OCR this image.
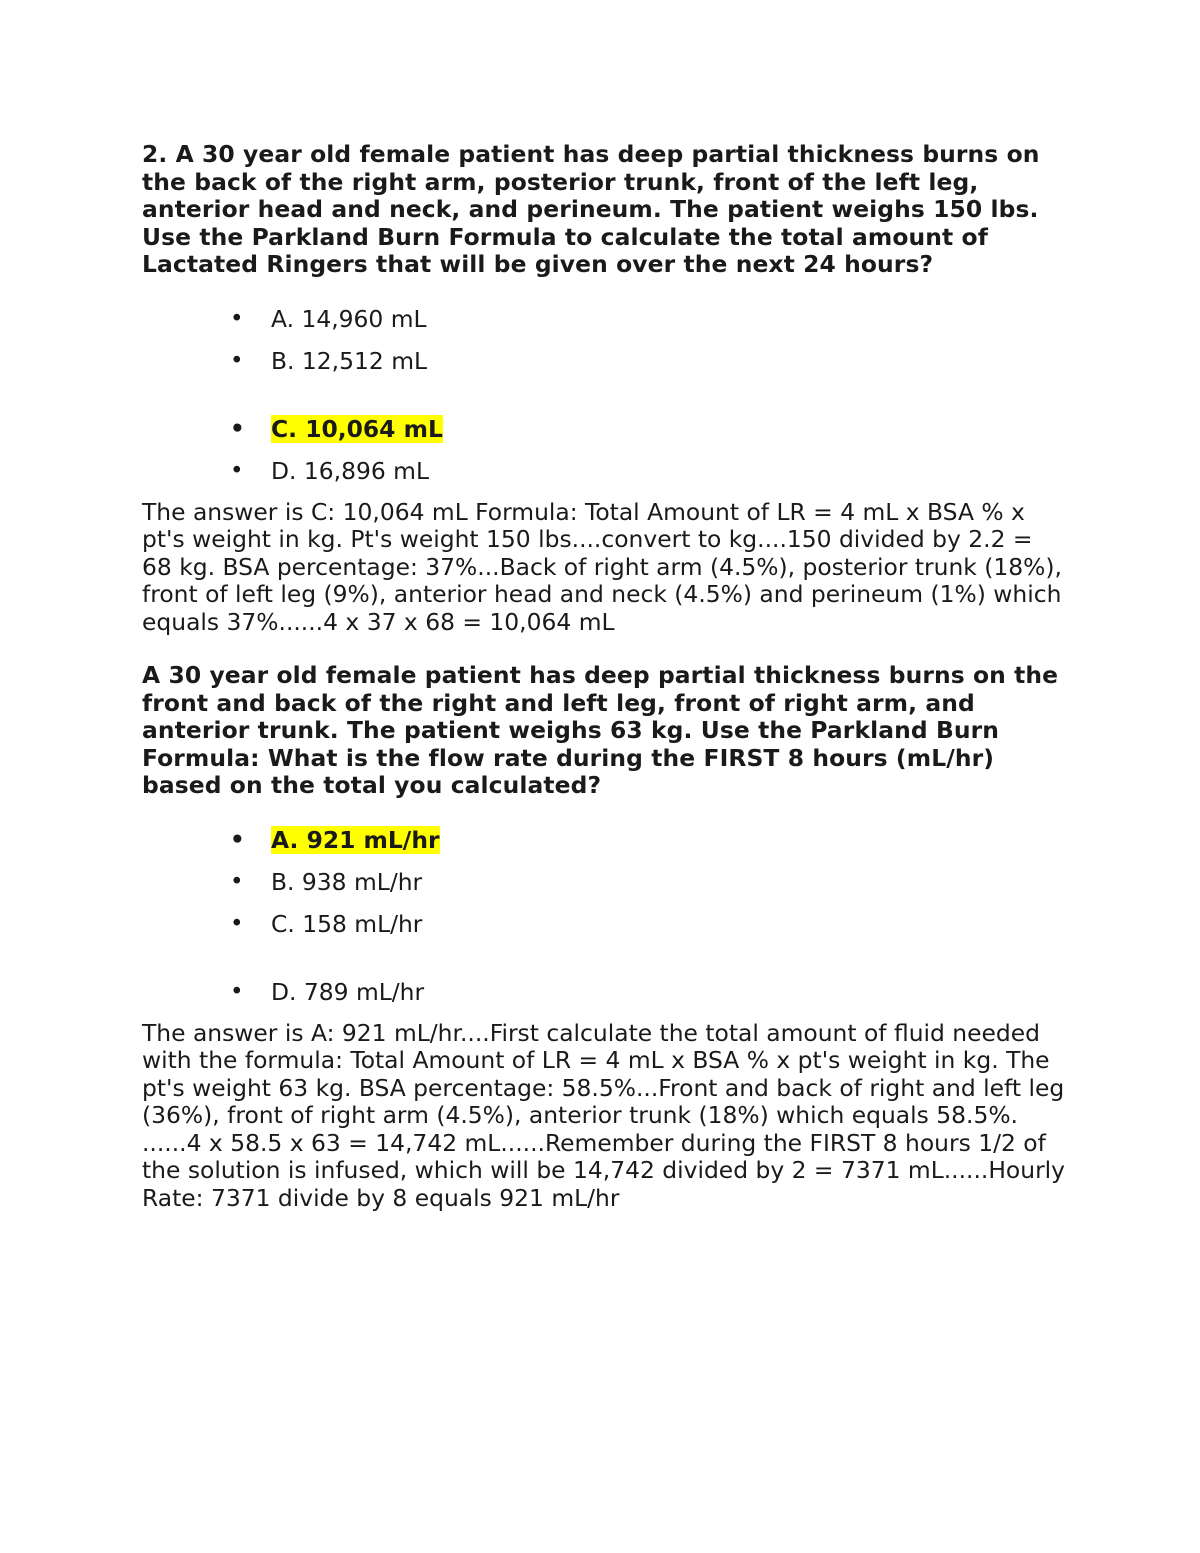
2. A 30 year old female patient has deep partial thickness burns on the back of the right arm, posterior trunk, front of the left leg, anterior head and neck, and perineum. The patient weighs 150 lbs. Use the Parkland Burn Formula to calculate the total amount of Lactated Ringers that will be given over the next 24 hours?

• A. 14,960 mL
• B. 12,512 mL
• C. 10,064 mL
• D. 16,896 mL

The answer is C: 10,064 mL Formula: Total Amount of LR = 4 mL x BSA % x pt's weight in kg. Pt's weight 150 lbs....convert to kg....150 divided by 2.2 = 68 kg. BSA percentage: 37%...Back of right arm (4.5%), posterior trunk (18%), front of left leg (9%), anterior head and neck (4.5%) and perineum (1%) which equals 37%......4 x 37 x 68 = 10,064 mL

A 30 year old female patient has deep partial thickness burns on the front and back of the right and left leg, front of right arm, and anterior trunk. The patient weighs 63 kg. Use the Parkland Burn Formula: What is the flow rate during the FIRST 8 hours (mL/hr) based on the total you calculated?

• A. 921 mL/hr
• B. 938 mL/hr
• C. 158 mL/hr
• D. 789 mL/hr

The answer is A: 921 mL/hr....First calculate the total amount of fluid needed with the formula: Total Amount of LR = 4 mL x BSA % x pt's weight in kg. The pt's weight 63 kg. BSA percentage: 58.5%...Front and back of right and left leg (36%), front of right arm (4.5%), anterior trunk (18%) which equals 58.5%. ......4 x 58.5 x 63 = 14,742 mL......Remember during the FIRST 8 hours 1/2 of the solution is infused, which will be 14,742 divided by 2 = 7371 mL......Hourly Rate: 7371 divide by 8 equals 921 mL/hr
